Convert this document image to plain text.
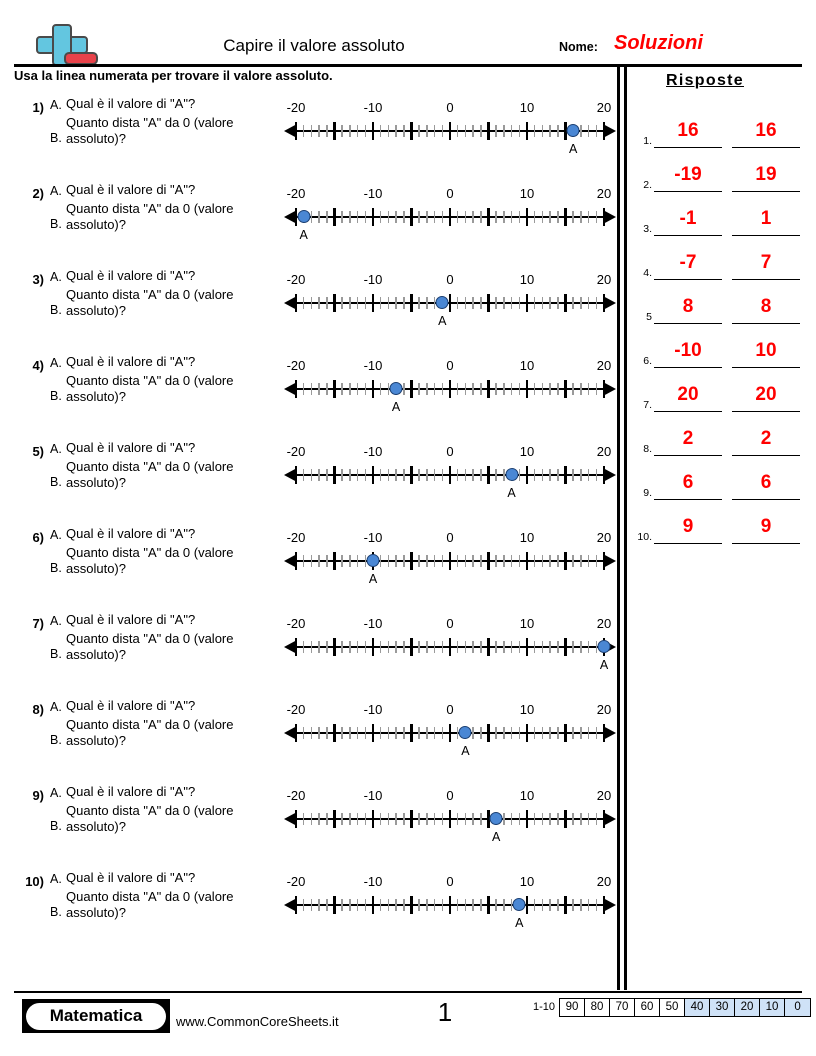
Capire il valore assoluto	Nome: Soluzioni
Usa la linea numerata per trovare il valore assoluto.	Risposte
1.	16	16
2.	-19	19
3.	-1	1
4.	-7	7
5	8	8
6.	-10	10
7.	20	20
8.	2	2
9.	6	6
10.	9	9
1) A. Qual è il valore di "A"?
B.
Quanto dista "A" da 0 (valore assoluto)?
-20	-10	0	10	20
A
2) A. Qual è il valore di "A"?
B.
Quanto dista "A" da 0 (valore assoluto)?
-20	-10	0	10	20
A
3) A. Qual è il valore di "A"?
B.
Quanto dista "A" da 0 (valore assoluto)?
-20	-10	0	10	20
A
4) A. Qual è il valore di "A"?
B.
Quanto dista "A" da 0 (valore assoluto)?
-20	-10	0	10	20
A
5) A. Qual è il valore di "A"?
B.
Quanto dista "A" da 0 (valore assoluto)?
-20	-10	0	10	20
A
6) A. Qual è il valore di "A"?
B.
Quanto dista "A" da 0 (valore assoluto)?
-20	-10	0	10	20
A
7) A. Qual è il valore di "A"?
B.
Quanto dista "A" da 0 (valore assoluto)?
-20	-10	0	10	20
A
8) A. Qual è il valore di "A"?
B.
Quanto dista "A" da 0 (valore assoluto)?
-20	-10	0	10	20
A
9) A. Qual è il valore di "A"?
B.
Quanto dista "A" da 0 (valore assoluto)?
-20	-10	0	10	20
A
10) A. Qual è il valore di "A"?
B.
Quanto dista "A" da 0 (valore assoluto)?
-20	-10	0	10	20
A
Matematica	www.CommonCoreSheets.it	1	1-10 90	80	70	60	50	40	30	20	10	0
